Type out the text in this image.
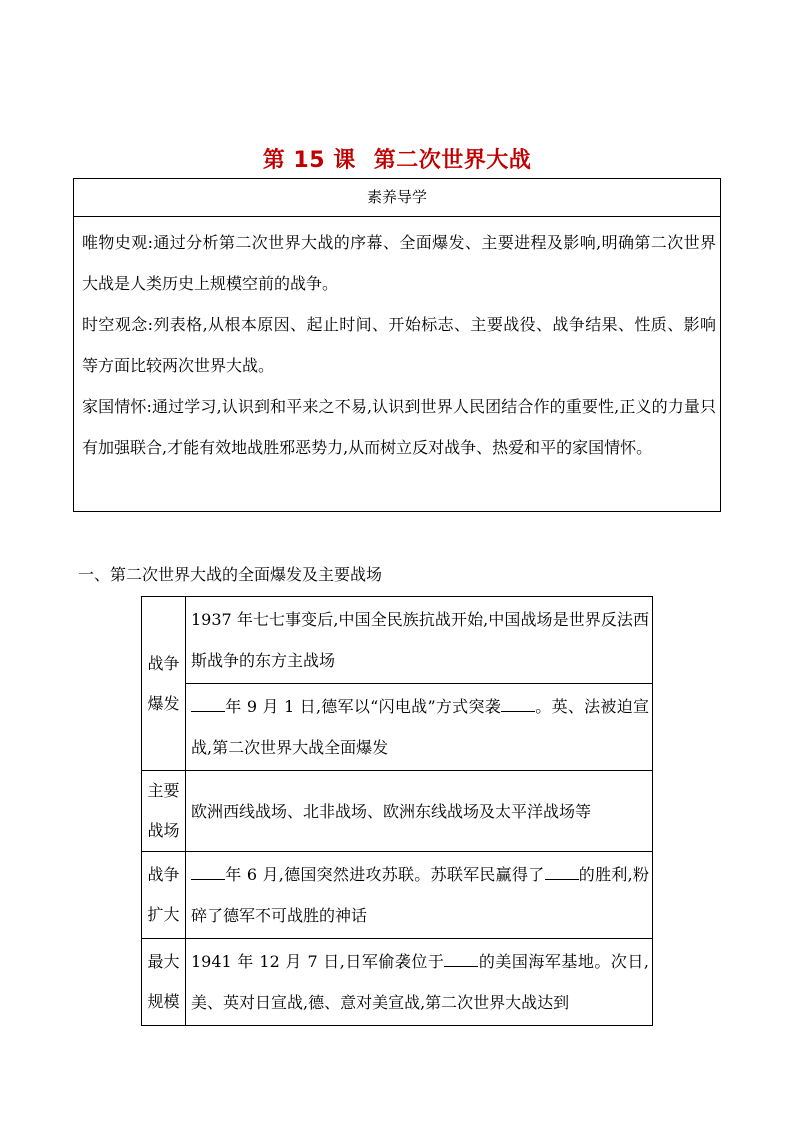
第 15 课 第二次世界大战
素养导学

唯物史观:通过分析第二次世界大战的序幕、全面爆发、主要进程及影响,明确第二次世界大战是人类历史上规模空前的战争。

时空观念:列表格,从根本原因、起止时间、开始标志、主要战役、战争结果、性质、影响等方面比较两次世界大战。

家国情怀:通过学习,认识到和平来之不易,认识到世界人民团结合作的重要性,正义的力量只有加强联合,才能有效地战胜邪恶势力,从而树立反对战争、热爱和平的家国情怀。

一、第二次世界大战的全面爆发及主要战场
战争爆发	1937 年七七事变后,中国全民族抗战开始,中国战场是世界反法西斯战争的东方主战场
	年 9 月 1 日,德军以“闪电战”方式突袭 。英、法被迫宣战,第二次世界大战全面爆发
主要战场	欧洲西线战场、北非战场、欧洲东线战场及太平洋战场等
战争扩大	年 6 月,德国突然进攻苏联。苏联军民赢得了 的胜利,粉碎了德军不可战胜的神话
最大规模	1941 年 12 月 7 日,日军偷袭位于 的美国海军基地。次日,美、英对日宣战,德、意对美宣战,第二次世界大战达到
